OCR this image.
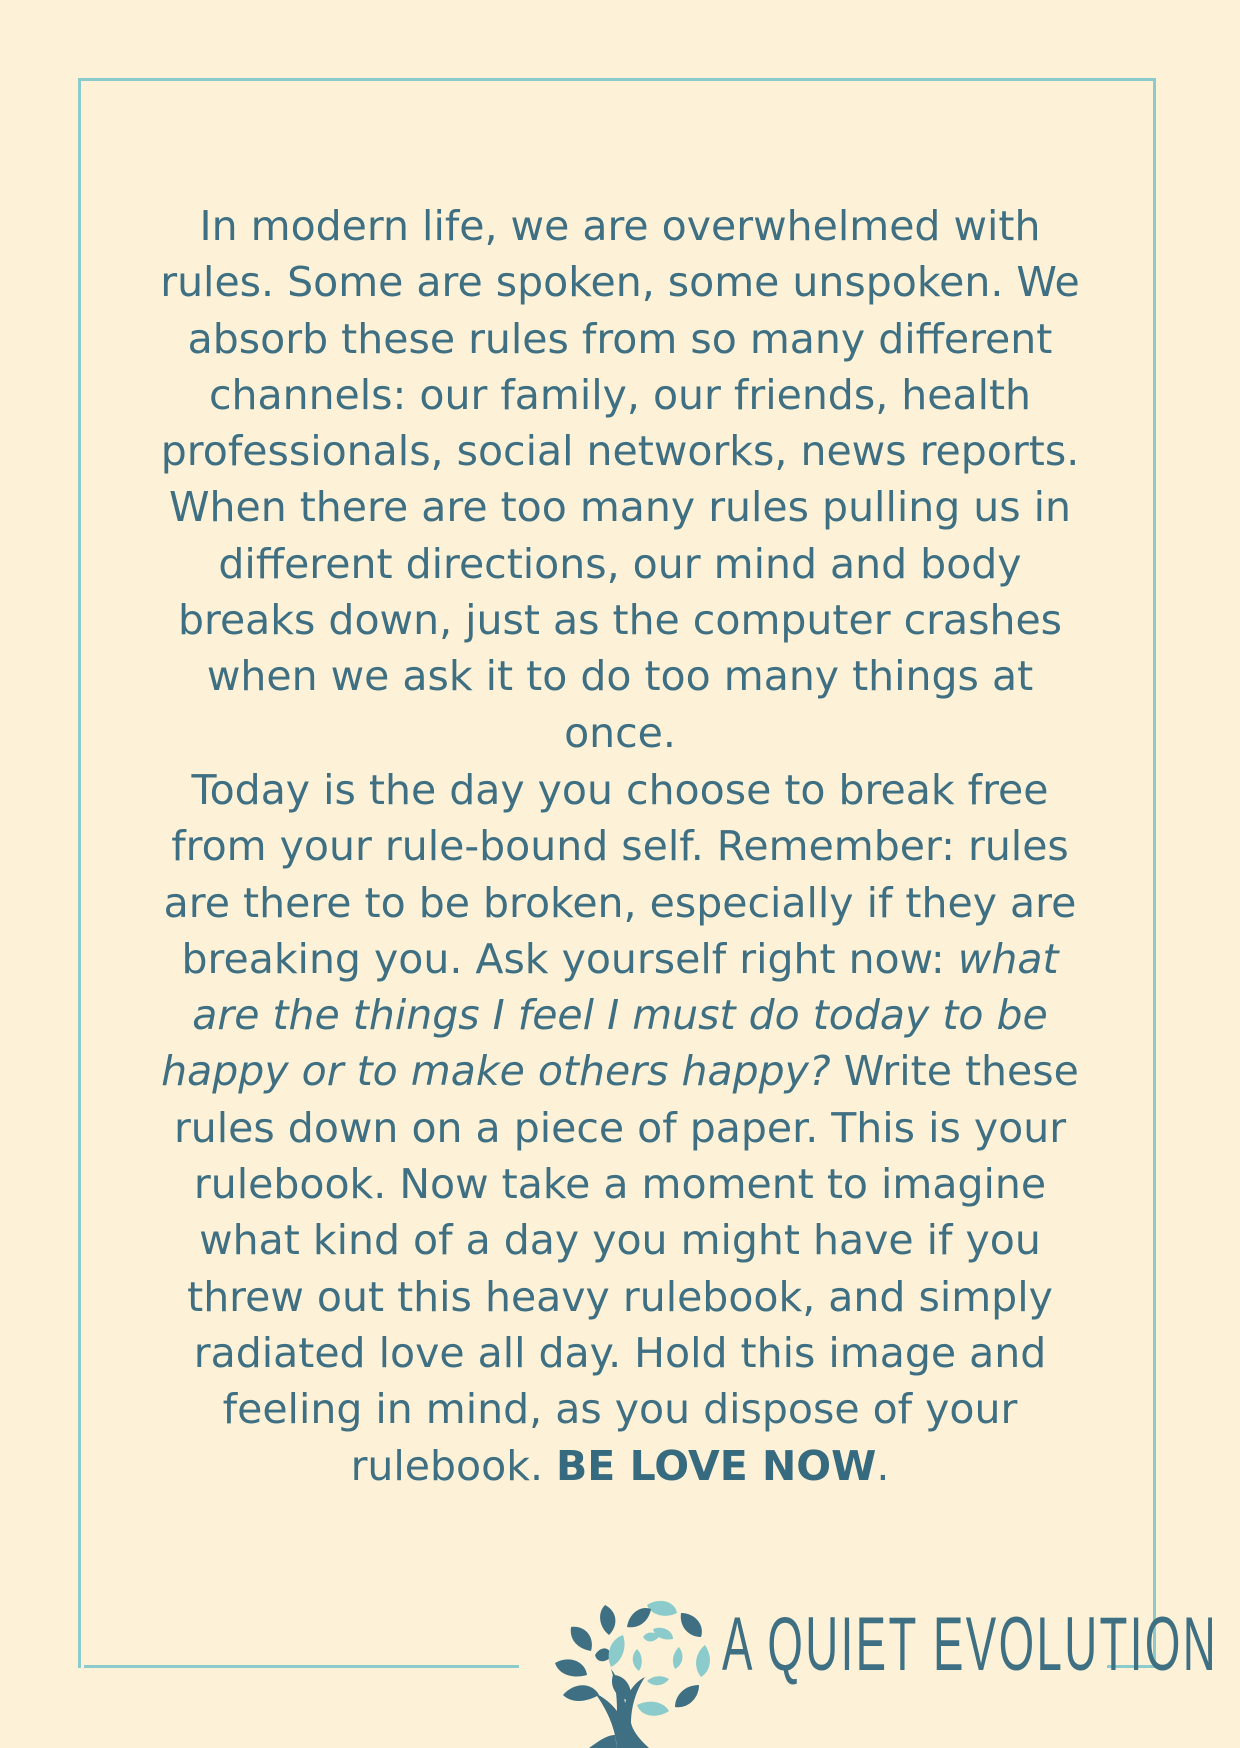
In modern life, we are overwhelmed with rules. Some are spoken, some unspoken. We absorb these rules from so many different channels: our family, our friends, health professionals, social networks, news reports. When there are too many rules pulling us in different directions, our mind and body breaks down, just as the computer crashes when we ask it to do too many things at once.

Today is the day you choose to break free from your rule-bound self. Remember: rules are there to be broken, especially if they are breaking you. Ask yourself right now: what are the things I feel I must do today to be happy or to make others happy? Write these rules down on a piece of paper. This is your rulebook. Now take a moment to imagine what kind of a day you might have if you threw out this heavy rulebook, and simply radiated love all day. Hold this image and feeling in mind, as you dispose of your rulebook. BE LOVE NOW.

A QUIET EVOLUTION
